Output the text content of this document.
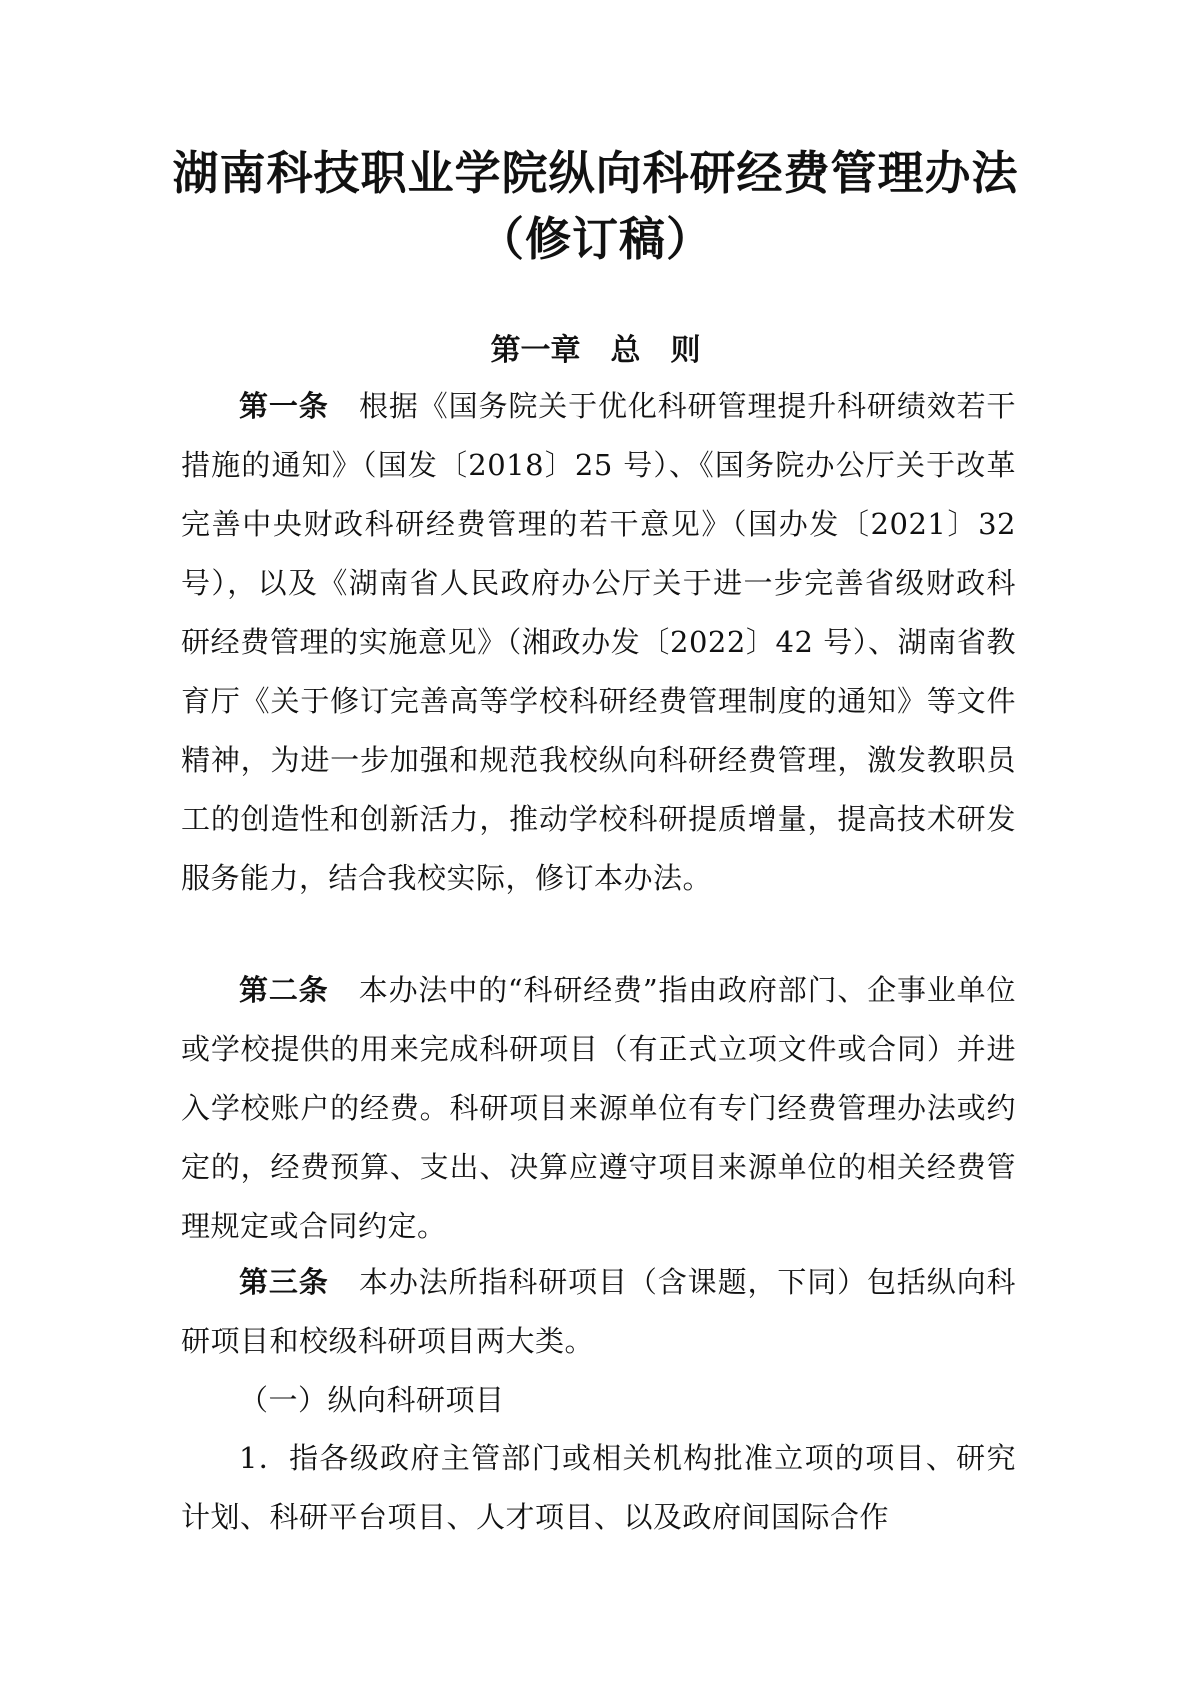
湖南科技职业学院纵向科研经费管理办法
（修订稿）
第一章　总　则

第一条 根据《国务院关于优化科研管理提升科研绩效若干措施的通知》（国发〔2018〕25 号）、《国务院办公厅关于改革完善中央财政科研经费管理的若干意见》（国办发〔2021〕32 号），以及《湖南省人民政府办公厅关于进一步完善省级财政科研经费管理的实施意见》（湘政办发〔2022〕42 号）、湖南省教育厅《关于修订完善高等学校科研经费管理制度的通知》等文件精神，为进一步加强和规范我校纵向科研经费管理，激发教职员工的创造性和创新活力，推动学校科研提质增量，提高技术研发服务能力，结合我校实际，修订本办法。

第二条 本办法中的“科研经费”指由政府部门、企事业单位或学校提供的用来完成科研项目（有正式立项文件或合同）并进入学校账户的经费。科研项目来源单位有专门经费管理办法或约定的，经费预算、支出、决算应遵守项目来源单位的相关经费管理规定或合同约定。

第三条 本办法所指科研项目（含课题，下同）包括纵向科研项目和校级科研项目两大类。

（一）纵向科研项目

1．指各级政府主管部门或相关机构批准立项的项目、研究计划、科研平台项目、人才项目、以及政府间国际合作
